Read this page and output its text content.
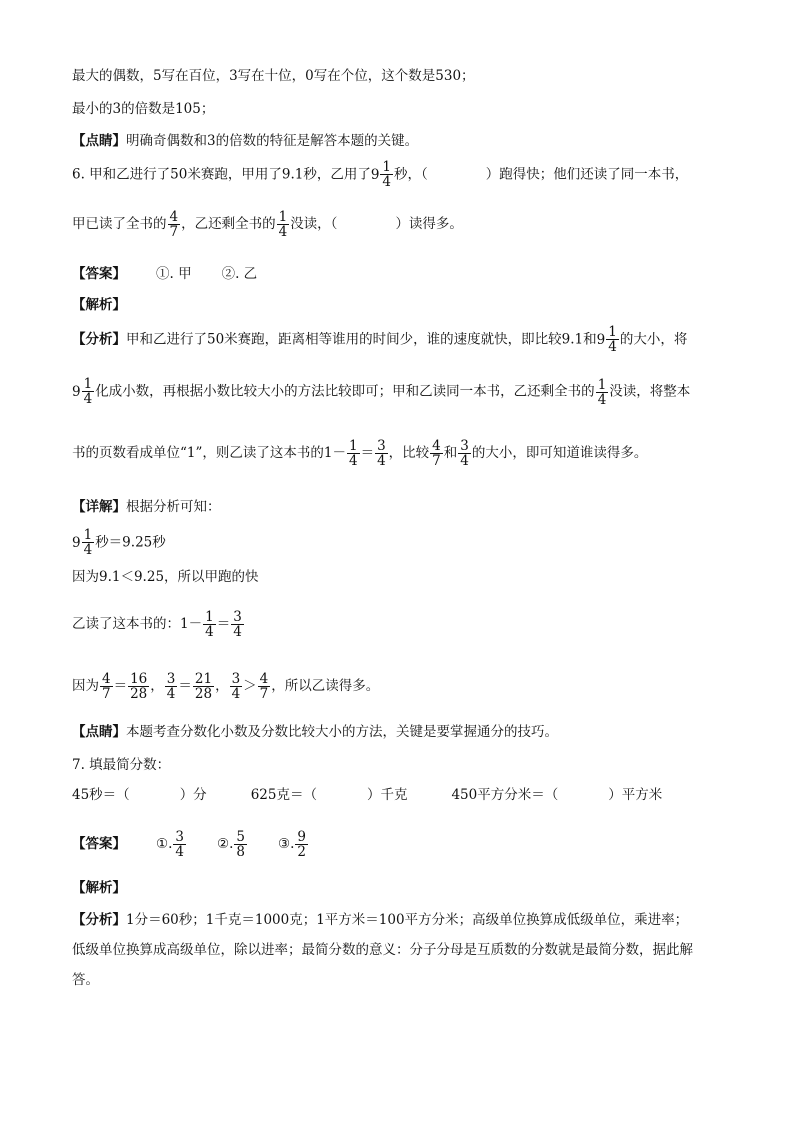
最大的偶数，5写在百位，3写在十位，0写在个位，这个数是530；
最小的3的倍数是105；
【点睛】明确奇偶数和3的倍数的特征是解答本题的关键。
6. 甲和乙进行了50米赛跑，甲用了9.1秒，乙用了 $9 \frac{1}{4}$ 秒，（	）跑得快；他们还读了同一本书，
甲已读了全书的 $\frac{4}{7}$ ，乙还剩全书的 $\frac{1}{4}$ 没读，（	）读得多。
【答案】 ①. 甲 ②. 乙
【解析】
【分析】甲和乙进行了50米赛跑，距离相等谁用的时间少，谁的速度就快，即比较9.1和 $9 \frac{1}{4}$ 的大小，将
$9 \frac{1}{4}$ 化成小数，再根据小数比较大小的方法比较即可；甲和乙读同一本书，乙还剩全书的 $\frac{1}{4}$ 没读，将整本
书的页数看成单位“1”，则乙读了这本书的$1- \frac{1}{4} = \frac{3}{4}$ ，比较 $\frac{4}{7}$ 和 $\frac{3}{4}$ 的大小，即可知道谁读得多。
【详解】根据分析可知：
$9 \frac{1}{4}$ 秒＝9.25秒
因为9.1＜9.25，所以甲跑的快
乙读了这本书的：$1- \frac{1}{4} = \frac{3}{4}$
因为 $\frac{4}{7} = \frac{16}{28}$ ， $\frac{3}{4} = \frac{21}{28}$ ， $\frac{3}{4} > \frac{4}{7}$ ，所以乙读得多。
【点睛】本题考查分数化小数及分数比较大小的方法，关键是要掌握通分的技巧。
7. 填最简分数：
45秒＝（	）分	625克＝（	）千克	450平方分米＝（	）平方米
【答案】 ①. $\frac{3}{4}$ ②. $\frac{5}{8}$ ③. $\frac{9}{2}$
【解析】
【分析】1分＝60秒；1千克＝1000克；1平方米＝100平方分米；高级单位换算成低级单位，乘进率；
低级单位换算成高级单位，除以进率；最简分数的意义：分子分母是互质数的分数就是最简分数，据此解
答。
